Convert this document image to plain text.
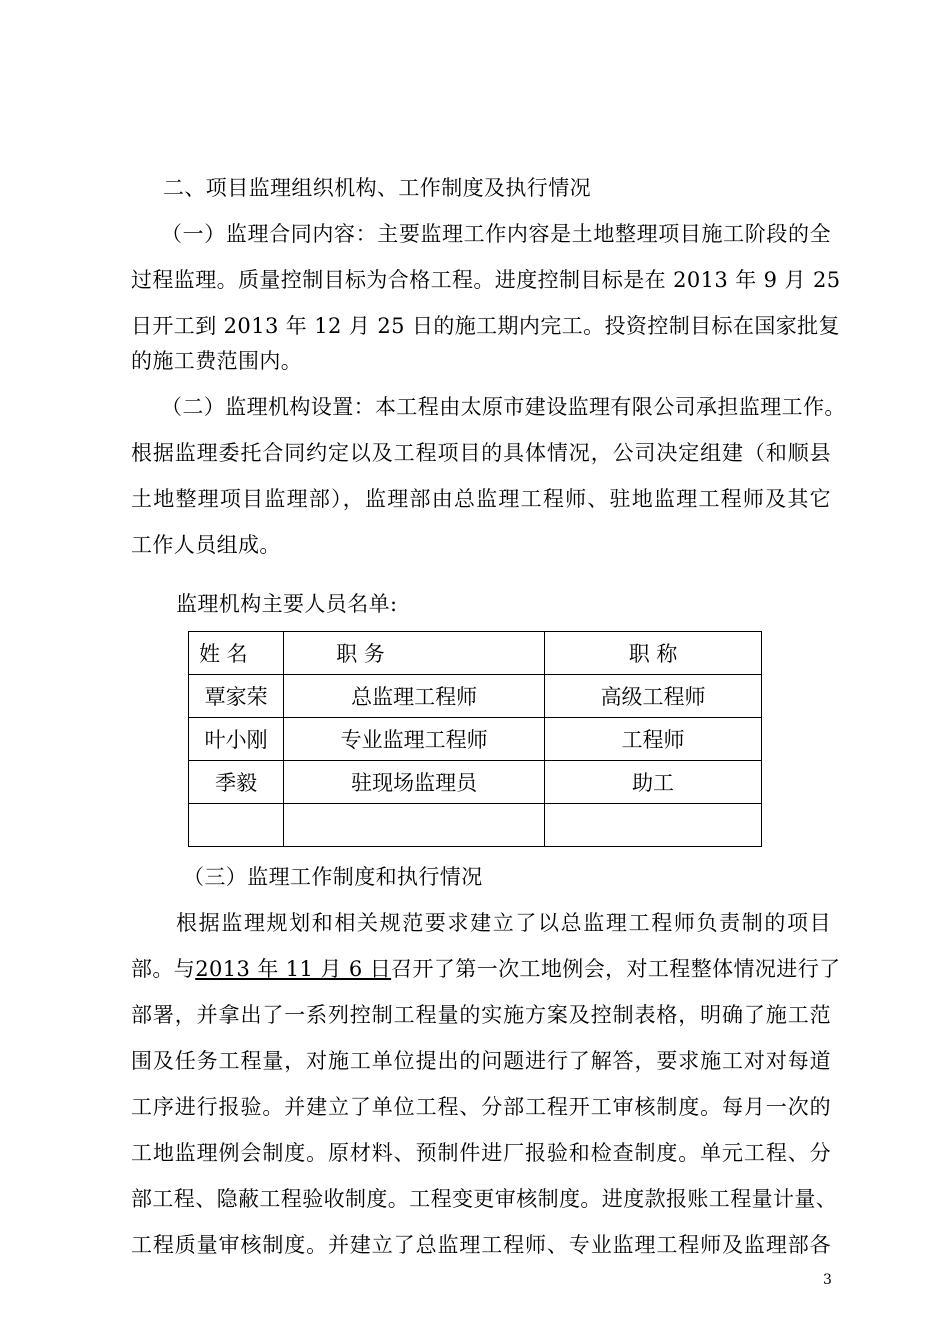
二、项目监理组织机构、工作制度及执行情况
（一）监理合同内容：主要监理工作内容是土地整理项目施工阶段的全
过程监理。质量控制目标为合格工程。进度控制目标是在 2013 年 9 月 25
日开工到 2013 年 12 月 25 日的施工期内完工。投资控制目标在国家批复
的施工费范围内。
（二）监理机构设置：本工程由太原市建设监理有限公司承担监理工作。
根据监理委托合同约定以及工程项目的具体情况，公司决定组建（和顺县
土地整理项目监理部），监理部由总监理工程师、驻地监理工程师及其它
工作人员组成。
监理机构主要人员名单:
姓 名	职 务	职 称
覃家荣	总监理工程师	高级工程师
叶小刚	专业监理工程师	工程师
季毅	驻现场监理员	助工

（三）监理工作制度和执行情况
根据监理规划和相关规范要求建立了以总监理工程师负责制的项目
部。与2013 年 11 月 6 日召开了第一次工地例会，对工程整体情况进行了
部署，并拿出了一系列控制工程量的实施方案及控制表格，明确了施工范
围及任务工程量，对施工单位提出的问题进行了解答，要求施工对对每道
工序进行报验。并建立了单位工程、分部工程开工审核制度。每月一次的
工地监理例会制度。原材料、预制件进厂报验和检查制度。单元工程、分
部工程、隐蔽工程验收制度。工程变更审核制度。进度款报账工程量计量、
工程质量审核制度。并建立了总监理工程师、专业监理工程师及监理部各
3
